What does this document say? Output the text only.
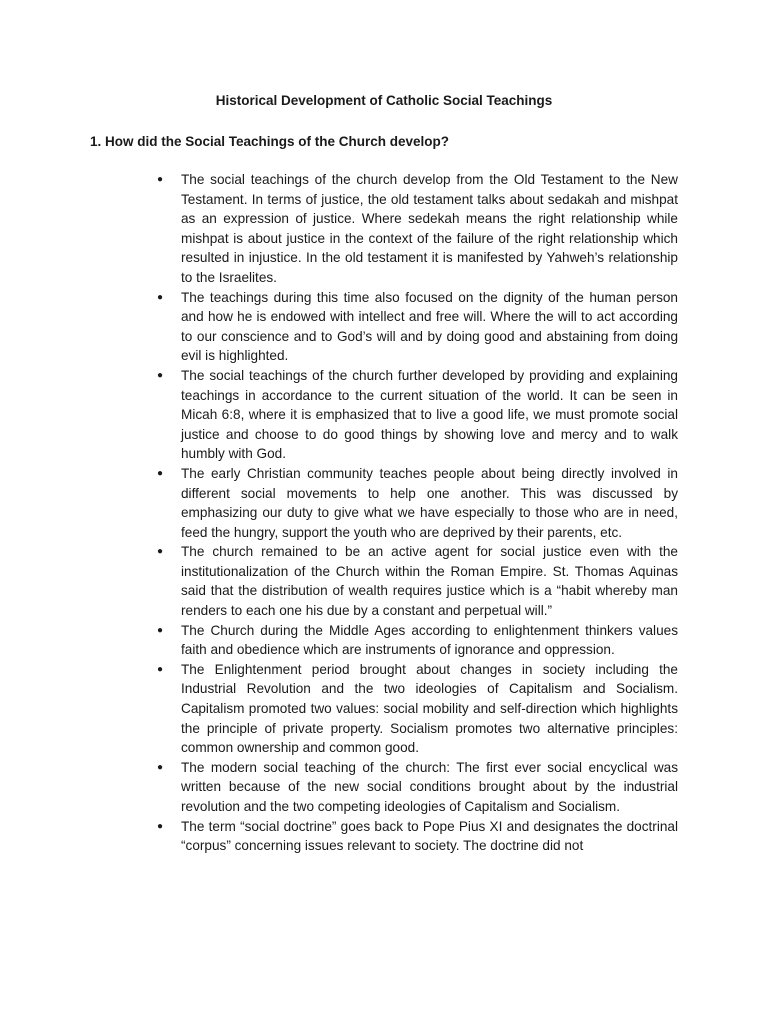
Historical Development of Catholic Social Teachings
1. How did the Social Teachings of the Church develop?
● The social teachings of the church develop from the Old Testament to the New Testament. In terms of justice, the old testament talks about sedakah and mishpat as an expression of justice. Where sedekah means the right relationship while mishpat is about justice in the context of the failure of the right relationship which resulted in injustice. In the old testament it is manifested by Yahweh’s relationship to the Israelites.
● The teachings during this time also focused on the dignity of the human person and how he is endowed with intellect and free will. Where the will to act according to our conscience and to God’s will and by doing good and abstaining from doing evil is highlighted.
● The social teachings of the church further developed by providing and explaining teachings in accordance to the current situation of the world. It can be seen in Micah 6:8, where it is emphasized that to live a good life, we must promote social justice and choose to do good things by showing love and mercy and to walk humbly with God.
● The early Christian community teaches people about being directly involved in different social movements to help one another. This was discussed by emphasizing our duty to give what we have especially to those who are in need, feed the hungry, support the youth who are deprived by their parents, etc.
● The church remained to be an active agent for social justice even with the institutionalization of the Church within the Roman Empire. St. Thomas Aquinas said that the distribution of wealth requires justice which is a “habit whereby man renders to each one his due by a constant and perpetual will.”
● The Church during the Middle Ages according to enlightenment thinkers values faith and obedience which are instruments of ignorance and oppression.
● The Enlightenment period brought about changes in society including the Industrial Revolution and the two ideologies of Capitalism and Socialism. Capitalism promoted two values: social mobility and self-direction which highlights the principle of private property. Socialism promotes two alternative principles: common ownership and common good.
● The modern social teaching of the church: The first ever social encyclical was written because of the new social conditions brought about by the industrial revolution and the two competing ideologies of Capitalism and Socialism.
● The term “social doctrine” goes back to Pope Pius XI and designates the doctrinal “corpus” concerning issues relevant to society. The doctrine did not
